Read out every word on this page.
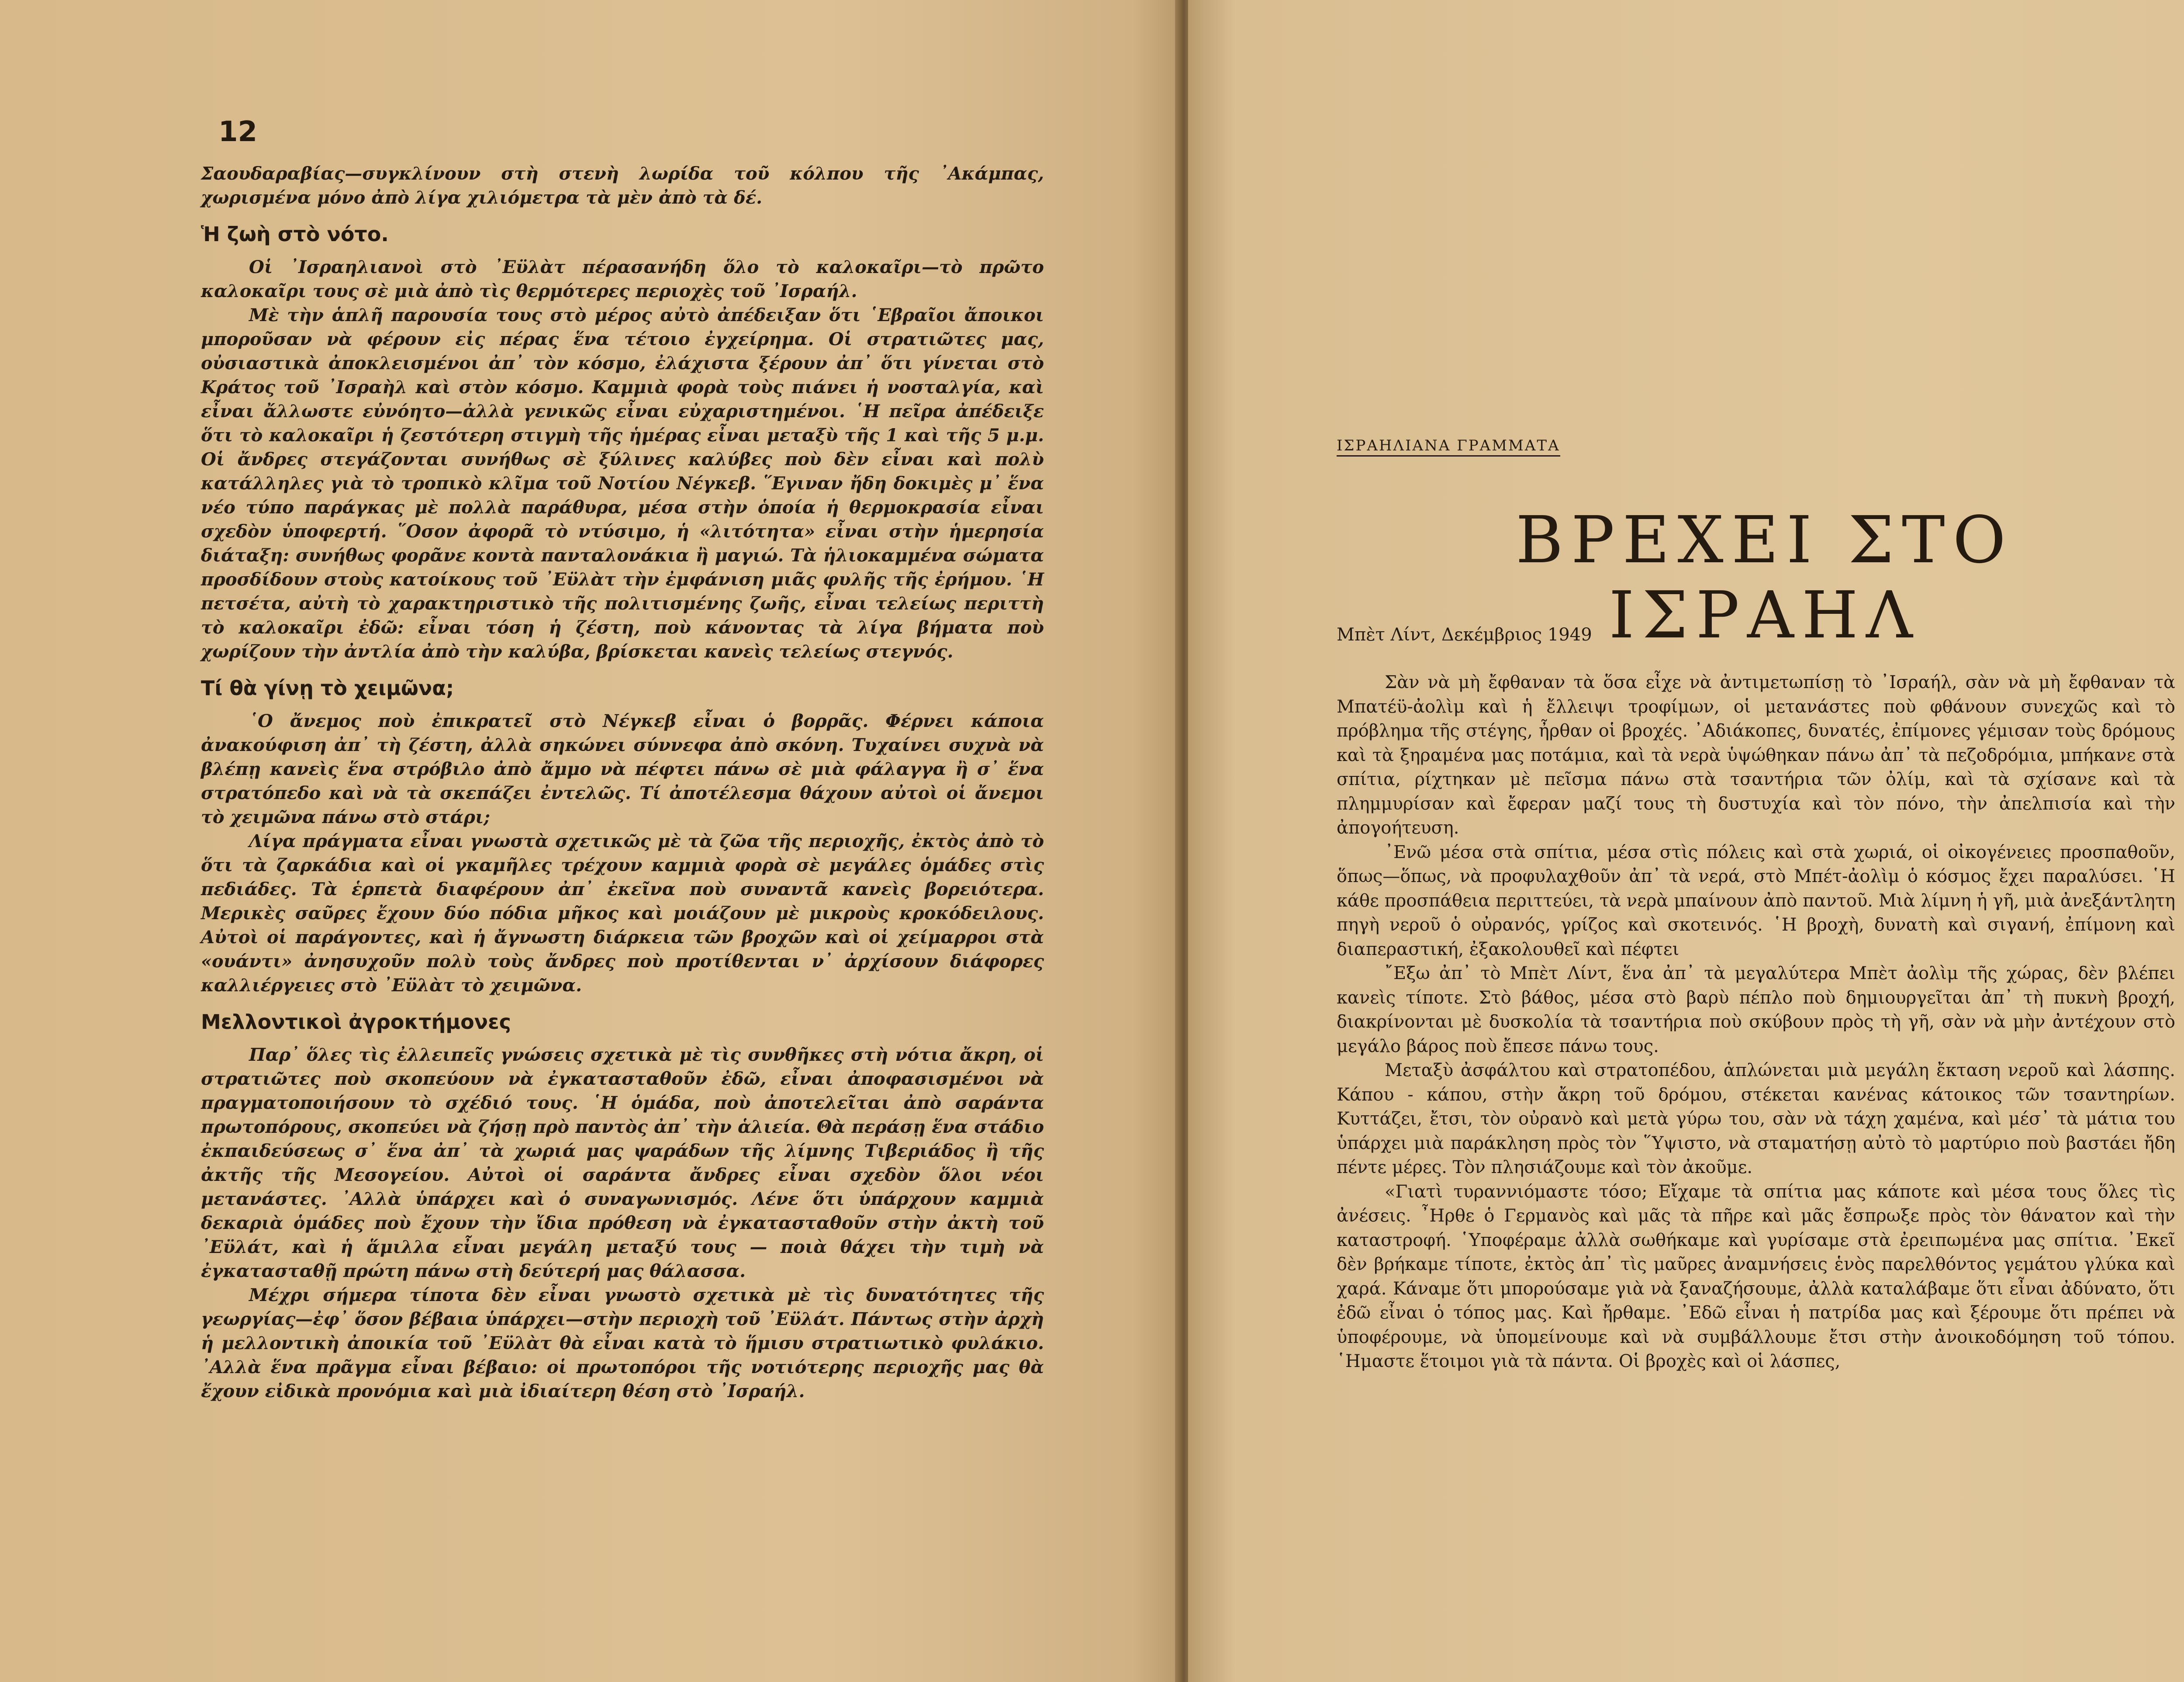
12

Σαουδαραβίας—συγκλίνουν στὴ στενὴ λωρίδα τοῦ κόλπου τῆς ᾿Ακάμπας, χωρισμένα μόνο ἀπὸ λίγα χιλιόμετρα τὰ μὲν ἀπὸ τὰ δέ.

Ἡ ζωὴ στὸ νότο.

Οἱ ᾿Ισραηλιανοὶ στὸ ᾿Εϋλὰτ πέρασανήδη ὅλο τὸ καλοκαῖρι—τὸ πρῶτο καλοκαῖρι τους σὲ μιὰ ἀπὸ τὶς θερμότερες περιοχὲς τοῦ ᾿Ισραήλ.

Μὲ τὴν ἁπλῆ παρουσία τους στὸ μέρος αὐτὸ ἀπέδειξαν ὅτι ῾Εβραῖοι ἄποικοι μποροῦσαν νὰ φέρουν εἰς πέρας ἕνα τέτοιο ἐγχείρημα. Οἱ στρατιῶτες μας, οὐσιαστικὰ ἀποκλεισμένοι ἀπ᾿ τὸν κόσμο, ἐλάχιστα ξέρουν ἀπ᾿ ὅτι γίνεται στὸ Κράτος τοῦ ᾿Ισραὴλ καὶ στὸν κόσμο. Καμμιὰ φορὰ τοὺς πιάνει ἡ νοσταλγία, καὶ εἶναι ἄλλωστε εὐνόητο—ἀλλὰ γενικῶς εἶναι εὐχαριστημένοι. ῾Η πεῖρα ἀπέδειξε ὅτι τὸ καλοκαῖρι ἡ ζεστότερη στιγμὴ τῆς ἡμέρας εἶναι μεταξὺ τῆς 1 καὶ τῆς 5 μ.μ. Οἱ ἄνδρες στεγάζονται συνήθως σὲ ξύλινες καλύβες ποὺ δὲν εἶναι καὶ πολὺ κατάλληλες γιὰ τὸ τροπικὸ κλῖμα τοῦ Νοτίου Νέγκεβ. ῞Εγιναν ἤδη δοκιμὲς μ᾿ ἕνα νέο τύπο παράγκας μὲ πολλὰ παράθυρα, μέσα στὴν ὁποία ἡ θερμοκρασία εἶναι σχεδὸν ὑποφερτή. ῞Οσον ἀφορᾶ τὸ ντύσιμο, ἡ «λιτότητα» εἶναι στὴν ἡμερησία διάταξη: συνήθως φορᾶνε κοντὰ πανταλονάκια ἢ μαγιώ. Τὰ ἡλιοκαμμένα σώματα προσδίδουν στοὺς κατοίκους τοῦ ᾿Εϋλὰτ τὴν ἐμφάνιση μιᾶς φυλῆς τῆς ἐρήμου. ῾Η πετσέτα, αὐτὴ τὸ χαρακτηριστικὸ τῆς πολιτισμένης ζωῆς, εἶναι τελείως περιττὴ τὸ καλοκαῖρι ἐδῶ: εἶναι τόση ἡ ζέστη, ποὺ κάνοντας τὰ λίγα βήματα ποὺ χωρίζουν τὴν ἀντλία ἀπὸ τὴν καλύβα, βρίσκεται κανεὶς τελείως στεγνός.

Τί θὰ γίνῃ τὸ χειμῶνα;

῾Ο ἄνεμος ποὺ ἐπικρατεῖ στὸ Νέγκεβ εἶναι ὁ βορρᾶς. Φέρνει κάποια ἀνακούφιση ἀπ᾿ τὴ ζέστη, ἀλλὰ σηκώνει σύννεφα ἀπὸ σκόνη. Τυχαίνει συχνὰ νὰ βλέπῃ κανεὶς ἕνα στρόβιλο ἀπὸ ἄμμο νὰ πέφτει πάνω σὲ μιὰ φάλαγγα ἢ σ᾿ ἕνα στρατόπεδο καὶ νὰ τὰ σκεπάζει ἐντελῶς. Τί ἀποτέλεσμα θάχουν αὐτοὶ οἱ ἄνεμοι τὸ χειμῶνα πάνω στὸ στάρι;

Λίγα πράγματα εἶναι γνωστὰ σχετικῶς μὲ τὰ ζῶα τῆς περιοχῆς, ἐκτὸς ἀπὸ τὸ ὅτι τὰ ζαρκάδια καὶ οἱ γκαμῆλες τρέχουν καμμιὰ φορὰ σὲ μεγάλες ὁμάδες στὶς πεδιάδες. Τὰ ἑρπετὰ διαφέρουν ἀπ᾿ ἐκεῖνα ποὺ συναντᾶ κανεὶς βορειότερα. Μερικὲς σαῦρες ἔχουν δύο πόδια μῆκος καὶ μοιάζουν μὲ μικροὺς κροκόδειλους. Αὐτοὶ οἱ παράγοντες, καὶ ἡ ἄγνωστη διάρκεια τῶν βροχῶν καὶ οἱ χείμαρροι στὰ «ουάντι» ἀνησυχοῦν πολὺ τοὺς ἄνδρες ποὺ προτίθενται ν᾿ ἀρχίσουν διάφορες καλλιέργειες στὸ ᾿Εϋλὰτ τὸ χειμῶνα.

Μελλοντικοὶ ἀγροκτήμονες

Παρ᾿ ὅλες τὶς ἐλλειπεῖς γνώσεις σχετικὰ μὲ τὶς συνθῆκες στὴ νότια ἄκρη, οἱ στρατιῶτες ποὺ σκοπεύουν νὰ ἐγκατασταθοῦν ἐδῶ, εἶναι ἀποφασισμένοι νὰ πραγματοποιήσουν τὸ σχέδιό τους. ῾Η ὁμάδα, ποὺ ἀποτελεῖται ἀπὸ σαράντα πρωτοπόρους, σκοπεύει νὰ ζήσῃ πρὸ παντὸς ἀπ᾿ τὴν ἁλιεία. Θὰ περάσῃ ἕνα στάδιο ἐκπαιδεύσεως σ᾿ ἕνα ἀπ᾿ τὰ χωριά μας ψαράδων τῆς λίμνης Τιβεριάδος ἢ τῆς ἀκτῆς τῆς Μεσογείου. Αὐτοὶ οἱ σαράντα ἄνδρες εἶναι σχεδὸν ὅλοι νέοι μετανάστες. ᾿Αλλὰ ὑπάρχει καὶ ὁ συναγωνισμός. Λένε ὅτι ὑπάρχουν καμμιὰ δεκαριὰ ὁμάδες ποὺ ἔχουν τὴν ἴδια πρόθεση νὰ ἐγκατασταθοῦν στὴν ἀκτὴ τοῦ ᾿Εϋλάτ, καὶ ἡ ἅμιλλα εἶναι μεγάλη μεταξύ τους — ποιὰ θάχει τὴν τιμὴ νὰ ἐγκατασταθῇ πρώτη πάνω στὴ δεύτερή μας θάλασσα.

Μέχρι σήμερα τίποτα δὲν εἶναι γνωστὸ σχετικὰ μὲ τὶς δυνατότητες τῆς γεωργίας—ἐφ᾿ ὅσον βέβαια ὑπάρχει—στὴν περιοχὴ τοῦ ᾿Εϋλάτ. Πάντως στὴν ἀρχὴ ἡ μελλοντικὴ ἀποικία τοῦ ᾿Εϋλὰτ θὰ εἶναι κατὰ τὸ ἥμισυ στρατιωτικὸ φυλάκιο. ᾿Αλλὰ ἕνα πρᾶγμα εἶναι βέβαιο: οἱ πρωτοπόροι τῆς νοτιότερης περιοχῆς μας θὰ ἔχουν εἰδικὰ προνόμια καὶ μιὰ ἰδιαίτερη θέση στὸ ᾿Ισραήλ.

ΙΣΡΑΗΛΙΑΝΑ ΓΡΑΜΜΑΤΑ

ΒΡΕΧΕΙ ΣΤΟ ΙΣΡΑΗΛ

Μπὲτ Λίντ, Δεκέμβριος 1949

Σὰν νὰ μὴ ἔφθαναν τὰ ὅσα εἶχε νὰ ἀντιμετωπίσῃ τὸ ᾿Ισραήλ, σὰν νὰ μὴ ἔφθαναν τὰ Μπατέϋ-ἀολὶμ καὶ ἡ ἔλλειψι τροφίμων, οἱ μετανάστες ποὺ φθάνουν συνεχῶς καὶ τὸ πρόβλημα τῆς στέγης, ἦρθαν οἱ βροχές. ᾿Αδιάκοπες, δυνατές, ἐπίμονες γέμισαν τοὺς δρόμους καὶ τὰ ξηραμένα μας ποτάμια, καὶ τὰ νερὰ ὑψώθηκαν πάνω ἀπ᾿ τὰ πεζοδρόμια, μπήκανε στὰ σπίτια, ρίχτηκαν μὲ πεῖσμα πάνω στὰ τσαντήρια τῶν ὀλίμ, καὶ τὰ σχίσανε καὶ τὰ πλημμυρίσαν καὶ ἔφεραν μαζί τους τὴ δυστυχία καὶ τὸν πόνο, τὴν ἀπελπισία καὶ τὴν ἀπογοήτευση.

᾿Ενῶ μέσα στὰ σπίτια, μέσα στὶς πόλεις καὶ στὰ χωριά, οἱ οἰκογένειες προσπαθοῦν, ὅπως—ὅπως, νὰ προφυλαχθοῦν ἀπ᾿ τὰ νερά, στὸ Μπέτ-ἀολὶμ ὁ κόσμος ἔχει παραλύσει. ῾Η κάθε προσπάθεια περιττεύει, τὰ νερὰ μπαίνουν ἀπὸ παντοῦ. Μιὰ λίμνη ἡ γῆ, μιὰ ἀνεξάντλητη πηγὴ νεροῦ ὁ οὐρανός, γρίζος καὶ σκοτεινός. ῾Η βροχὴ, δυνατὴ καὶ σιγανή, ἐπίμονη καὶ διαπεραστική, ἐξακολουθεῖ καὶ πέφτει

῎Εξω ἀπ᾿ τὸ Μπὲτ Λίντ, ἕνα ἀπ᾿ τὰ μεγαλύτερα Μπὲτ ἀολὶμ τῆς χώρας, δὲν βλέπει κανεὶς τίποτε. Στὸ βάθος, μέσα στὸ βαρὺ πέπλο ποὺ δημιουργεῖται ἀπ᾿ τὴ πυκνὴ βροχή, διακρίνονται μὲ δυσκολία τὰ τσαντήρια ποὺ σκύβουν πρὸς τὴ γῆ, σὰν νὰ μὴν ἀντέχουν στὸ μεγάλο βάρος ποὺ ἔπεσε πάνω τους.

Μεταξὺ ἀσφάλτου καὶ στρατοπέδου, ἁπλώνεται μιὰ μεγάλη ἔκταση νεροῦ καὶ λάσπης. Κάπου - κάπου, στὴν ἄκρη τοῦ δρόμου, στέκεται κανένας κάτοικος τῶν τσαντηρίων. Κυττάζει, ἔτσι, τὸν οὐρανὸ καὶ μετὰ γύρω του, σὰν νὰ τάχη χαμένα, καὶ μέσ᾿ τὰ μάτια του ὑπάρχει μιὰ παράκληση πρὸς τὸν ῞Υψιστο, νὰ σταματήσῃ αὐτὸ τὸ μαρτύριο ποὺ βαστάει ἤδη πέντε μέρες. Τὸν πλησιάζουμε καὶ τὸν ἀκοῦμε.

«Γιατὶ τυραννιόμαστε τόσο; Εἴχαμε τὰ σπίτια μας κάποτε καὶ μέσα τους ὅλες τὶς ἀνέσεις. ῏Ηρθε ὁ Γερμανὸς καὶ μᾶς τὰ πῆρε καὶ μᾶς ἔσπρωξε πρὸς τὸν θάνατον καὶ τὴν καταστροφή. ῾Υποφέραμε ἀλλὰ σωθήκαμε καὶ γυρίσαμε στὰ ἐρειπωμένα μας σπίτια. ᾿Εκεῖ δὲν βρήκαμε τίποτε, ἐκτὸς ἀπ᾿ τὶς μαῦρες ἀναμνήσεις ἑνὸς παρελθόντος γεμάτου γλύκα καὶ χαρά. Κάναμε ὅτι μπορούσαμε γιὰ νὰ ξαναζήσουμε, ἀλλὰ καταλάβαμε ὅτι εἶναι ἀδύνατο, ὅτι ἐδῶ εἶναι ὁ τόπος μας. Καὶ ἤρθαμε. ᾿Εδῶ εἶναι ἡ πατρίδα μας καὶ ξέρουμε ὅτι πρέπει νὰ ὑποφέρουμε, νὰ ὑπομείνουμε καὶ νὰ συμβάλλουμε ἔτσι στὴν ἀνοικοδόμηση τοῦ τόπου. ῾Ημαστε ἕτοιμοι γιὰ τὰ πάντα. Οἱ βροχὲς καὶ οἱ λάσπες,
